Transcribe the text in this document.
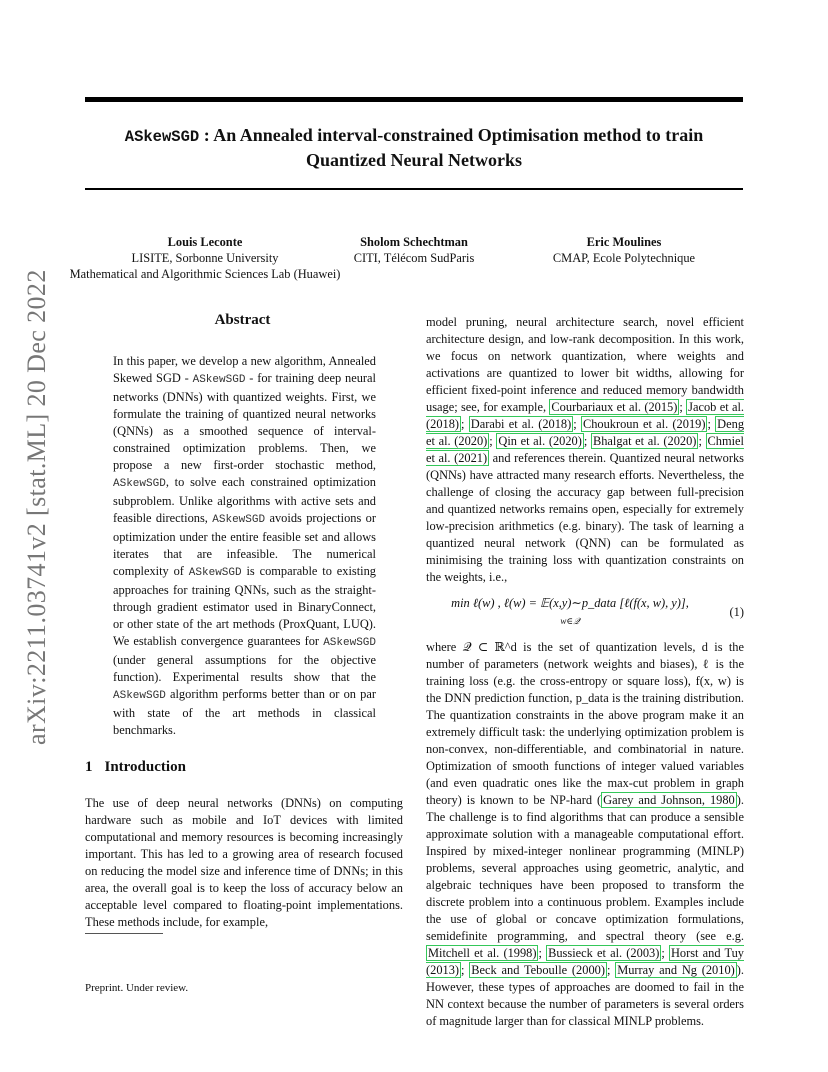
ASkewSGD : An Annealed interval-constrained Optimisation method to train
Quantized Neural Networks
Louis Leconte
LISITE, Sorbonne University
Mathematical and Algorithmic Sciences Lab (Huawei)
Sholom Schechtman
CITI, Télécom SudParis
Eric Moulines
CMAP, Ecole Polytechnique
arXiv:2211.03741v2 [stat.ML] 20 Dec 2022	Abstract
In this paper, we develop a new algorithm, Annealed Skewed SGD - ASkewSGD - for training deep neural networks (DNNs) with quantized weights. First, we formulate the training of quantized neural networks (QNNs) as a smoothed sequence of interval-constrained optimization problems. Then, we propose a new first-order stochastic method, ASkewSGD, to solve each constrained optimization subproblem. Unlike algorithms with active sets and feasible directions, ASkewSGD avoids projections or optimization under the entire feasible set and allows iterates that are infeasible. The numerical complexity of ASkewSGD is comparable to existing approaches for training QNNs, such as the straight-through gradient estimator used in BinaryConnect, or other state of the art methods (ProxQuant, LUQ). We establish convergence guarantees for ASkewSGD (under general assumptions for the objective function). Experimental results show that the ASkewSGD algorithm performs better than or on par with state of the art methods in classical benchmarks.
1 Introduction
The use of deep neural networks (DNNs) on computing hardware such as mobile and IoT devices with limited computational and memory resources is becoming increasingly important. This has led to a growing area of research focused on reducing the model size and inference time of DNNs; in this area, the overall goal is to keep the loss of accuracy below an acceptable level compared to floating-point implementations. These methods include, for example,
Preprint. Under review.

model pruning, neural architecture search, novel efficient architecture design, and low-rank decomposition. In this work, we focus on network quantization, where weights and activations are quantized to lower bit widths, allowing for efficient fixed-point inference and reduced memory bandwidth usage; see, for example, Courbariaux et al. (2015) ; Jacob et al. (2018) ; Darabi et al. (2018) ; Choukroun et al. (2019) ; Deng et al. (2020) ; Qin et al. (2020) ; Bhalgat et al. (2020) ; Chmiel et al. (2021) and references therein. Quantized neural networks (QNNs) have attracted many research efforts. Nevertheless, the challenge of closing the accuracy gap between full-precision and quantized networks remains open, especially for extremely low-precision arithmetics (e.g. binary). The task of learning a quantized neural network (QNN) can be formulated as minimising the training loss with quantization constraints on the weights, i.e.,

min ℓ(w) , ℓ(w) = 𝔼(x,y)∼p_data [ℓ(f(x, w), y)],
w∈𝒬
(1)

where 𝒬 ⊂ ℝ^d is the set of quantization levels, d is the number of parameters (network weights and biases), ℓ is the training loss (e.g. the cross-entropy or square loss), f(x, w) is the DNN prediction function, p_data is the training distribution. The quantization constraints in the above program make it an extremely difficult task: the underlying optimization problem is non-convex, non-differentiable, and combinatorial in nature. Optimization of smooth functions of integer valued variables (and even quadratic ones like the max-cut problem in graph theory) is known to be NP-hard ( Garey and Johnson, 1980 ). The challenge is to find algorithms that can produce a sensible approximate solution with a manageable computational effort. Inspired by mixed-integer nonlinear programming (MINLP) problems, several approaches using geometric, analytic, and algebraic techniques have been proposed to transform the discrete problem into a continuous problem. Examples include the use of global or concave optimization formulations, semidefinite programming, and spectral theory (see e.g. Mitchell et al. (1998) ; Bussieck et al. (2003) ; Horst and Tuy (2013) ; Beck and Teboulle (2000) ; Murray and Ng (2010) ). However, these types of approaches are doomed to fail in the NN context because the number of parameters is several orders of magnitude larger than for classical MINLP problems.
